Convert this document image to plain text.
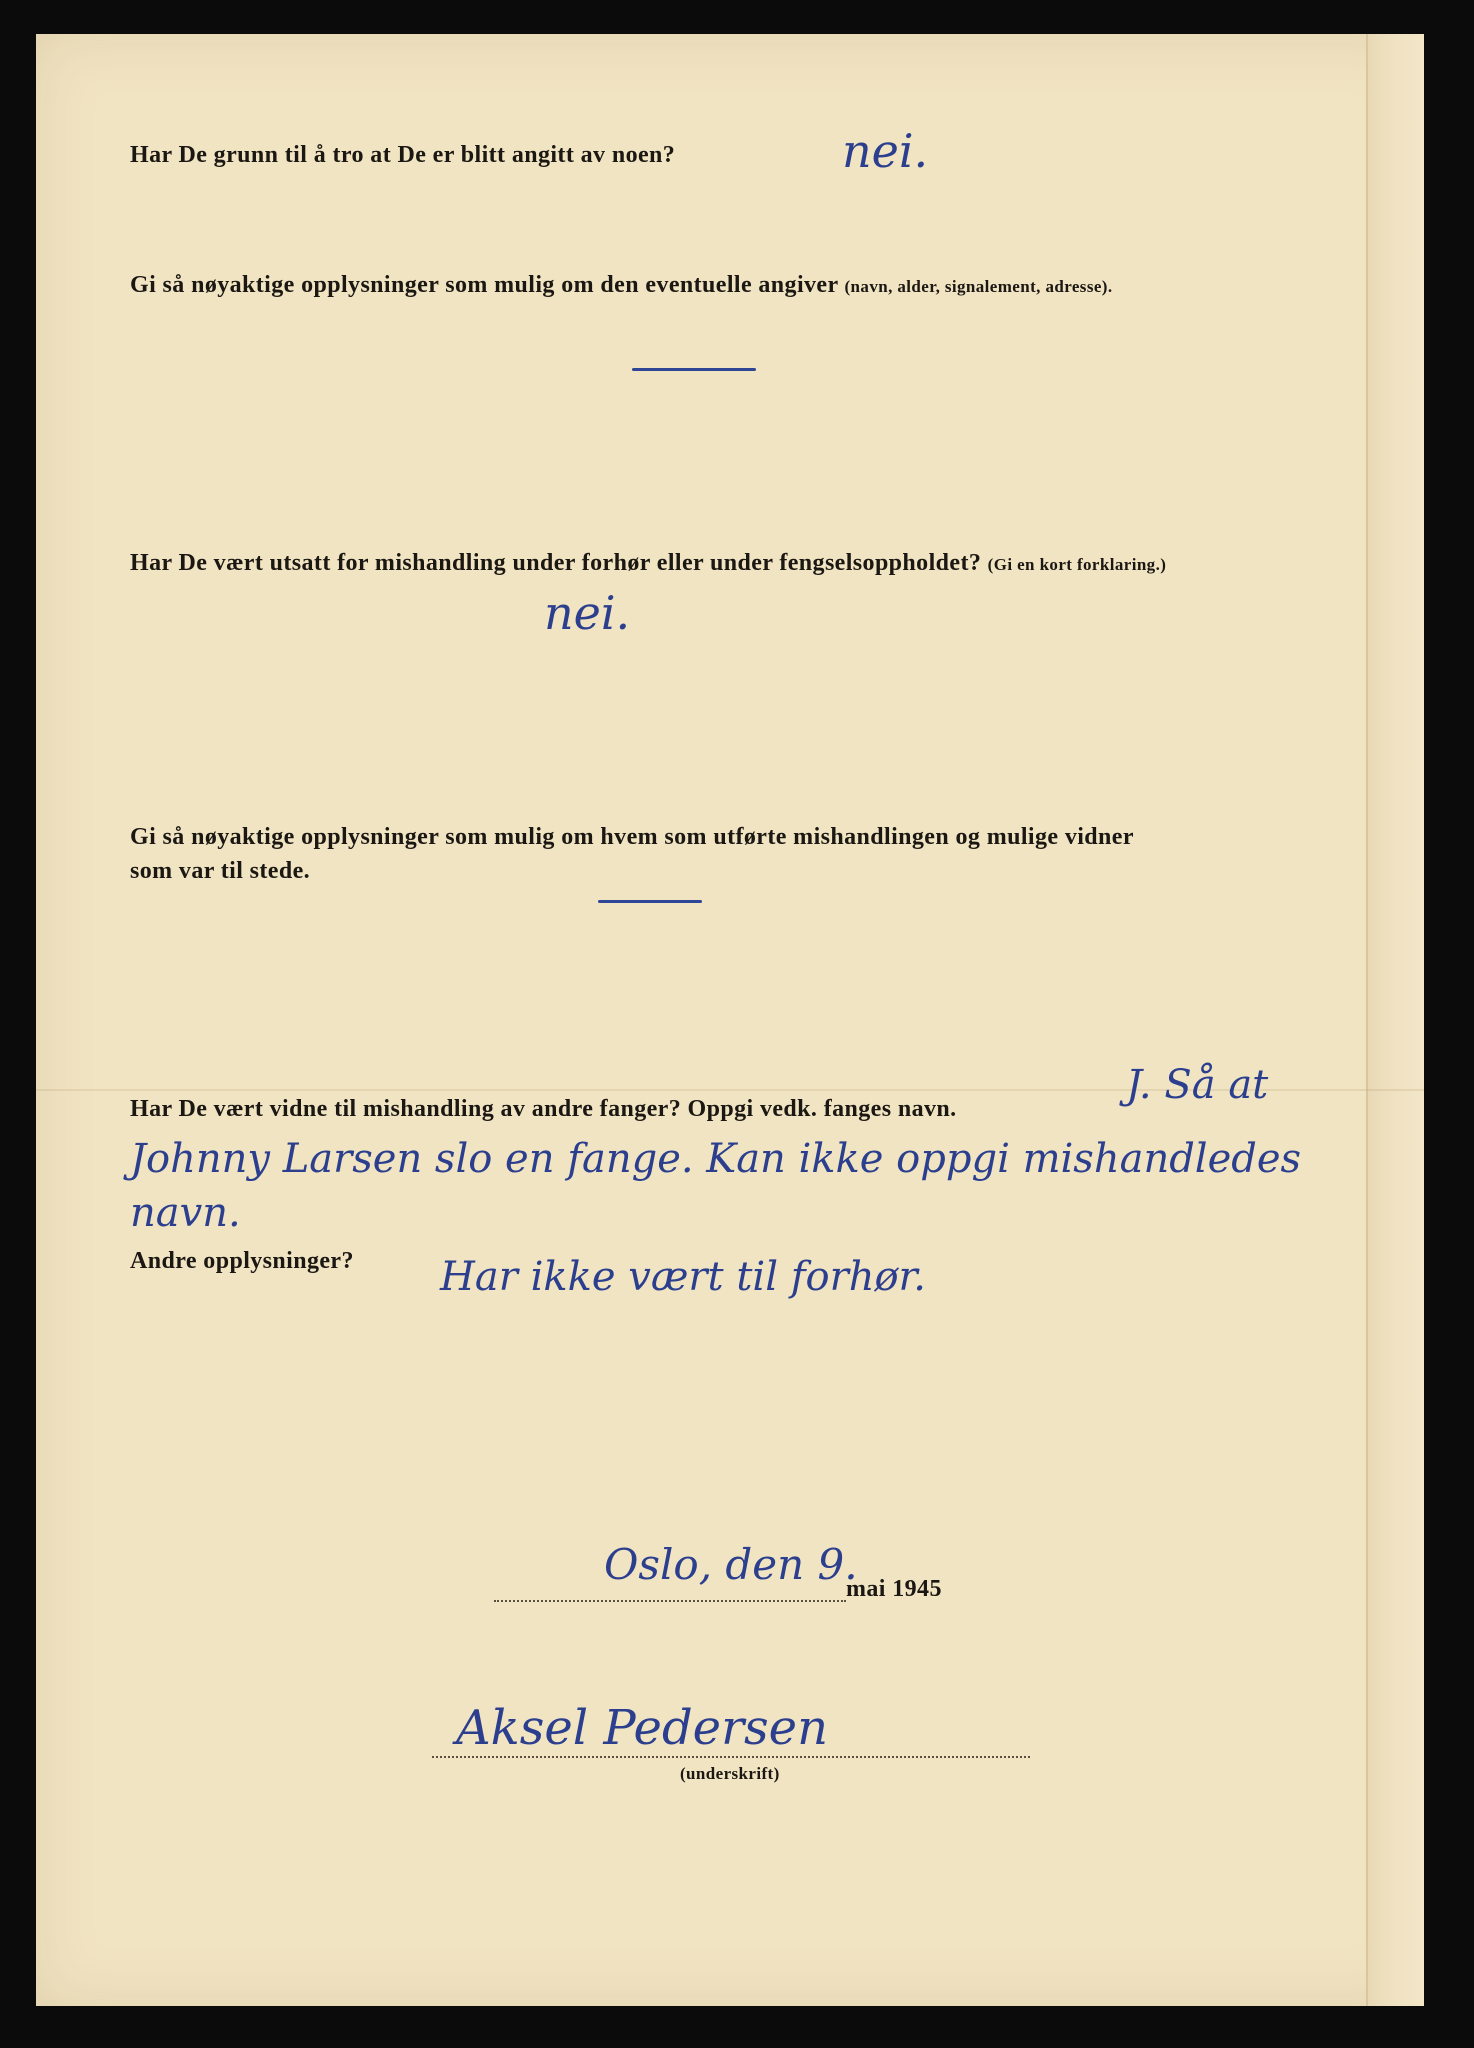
Har De grunn til å tro at De er blitt angitt av noen?	nei.
Gi så nøyaktige opplysninger som mulig om den eventuelle angiver (navn, alder, signalement, adresse).
Har De vært utsatt for mishandling under forhør eller under fengselsoppholdet? (Gi en kort forklaring.)
nei.
Gi så nøyaktige opplysninger som mulig om hvem som utførte mishandlingen og mulige vidner
som var til stede.
Har De vært vidne til mishandling av andre fanger? Oppgi vedk. fanges navn.
J. Så at
Johnny Larsen slo en fange. Kan ikke oppgi mishandledes
navn.
Andre opplysninger? Har ikke vært til forhør.
Oslo, den 9.
mai 1945
Aksel Pedersen
(underskrift)
